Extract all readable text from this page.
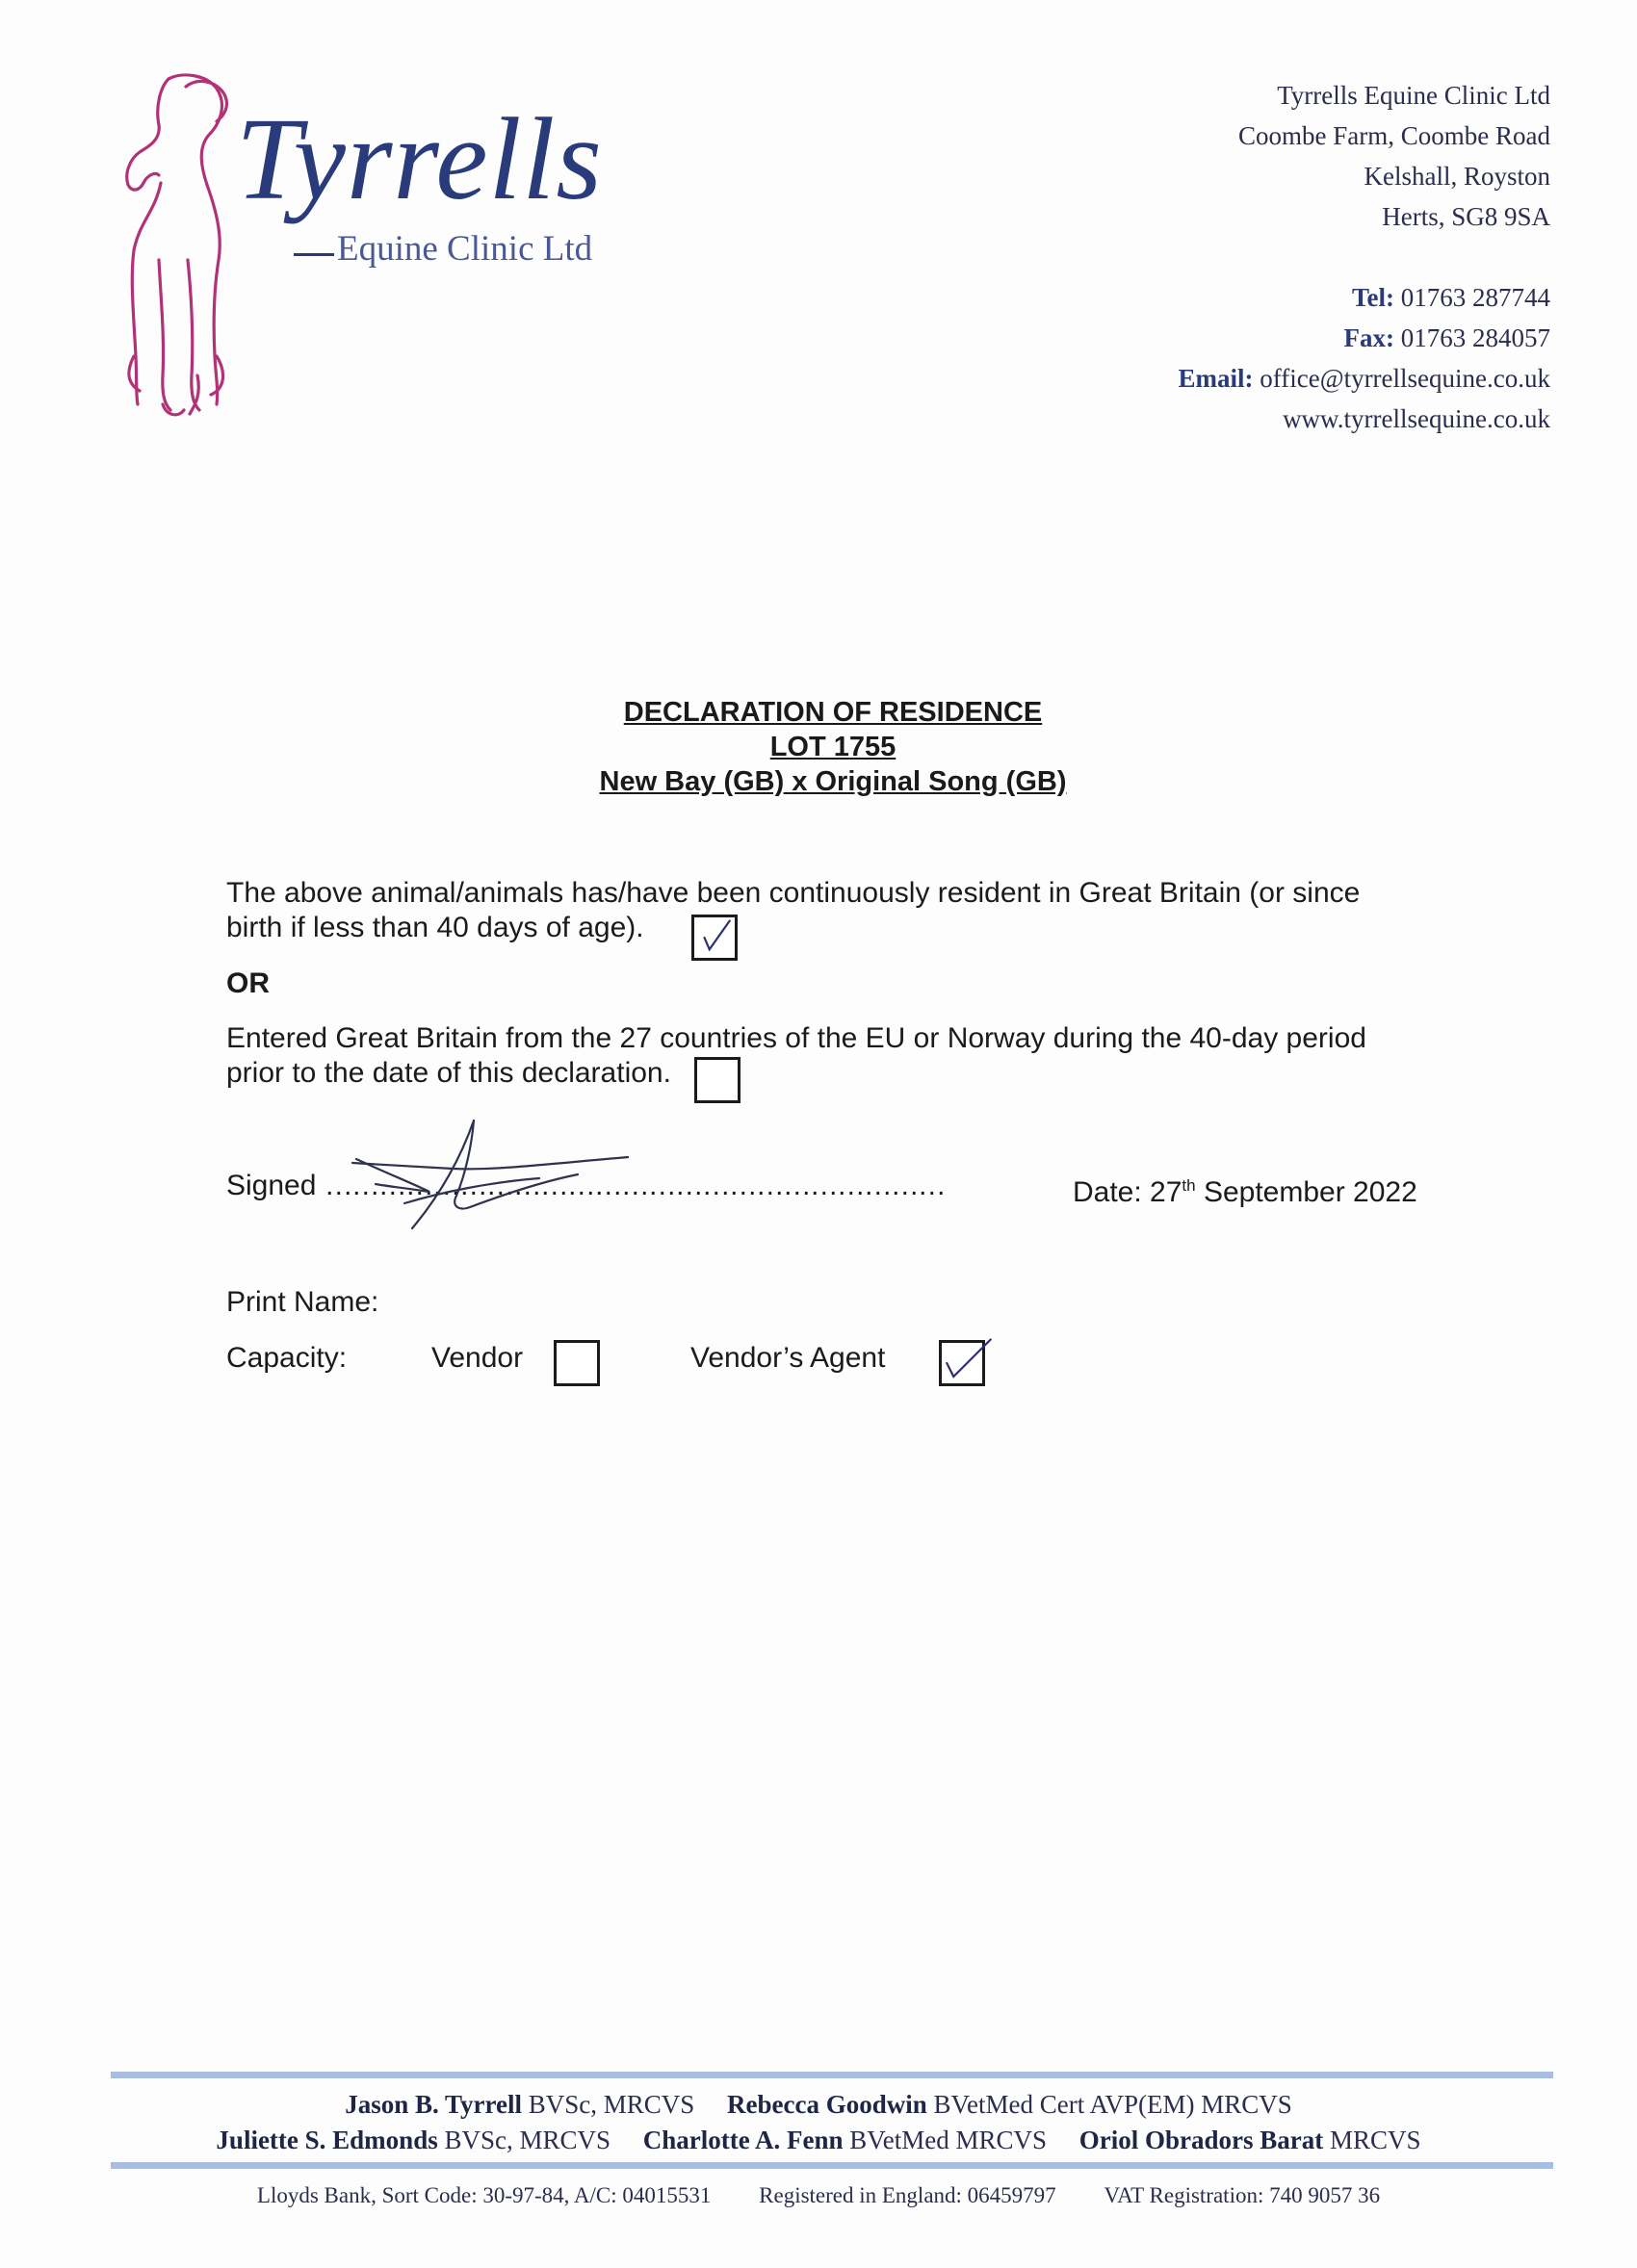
Tyrrells
Equine Clinic Ltd
Tyrrells Equine Clinic Ltd
Coombe Farm, Coombe Road
Kelshall, Royston
Herts, SG8 9SA
Tel: 01763 287744
Fax: 01763 284057
Email: office@tyrrellsequine.co.uk
www.tyrrellsequine.co.uk
DECLARATION OF RESIDENCE
LOT 1755
New Bay (GB) x Original Song (GB)
The above animal/animals has/have been continuously resident in Great Britain (or since
birth if less than 40 days of age).
OR
Entered Great Britain from the 27 countries of the EU or Norway during the 40-day period
prior to the date of this declaration.
Signed ……………………………………………………………	Date: 27th September 2022
Print Name:
Capacity:	Vendor	Vendor’s Agent
Jason B. Tyrrell BVSc, MRCVS Rebecca Goodwin BVetMed Cert AVP(EM) MRCVS
Juliette S. Edmonds BVSc, MRCVS Charlotte A. Fenn BVetMed MRCVS Oriol Obradors Barat MRCVS
Lloyds Bank, Sort Code: 30-97-84, A/C: 04015531 Registered in England: 06459797 VAT Registration: 740 9057 36
